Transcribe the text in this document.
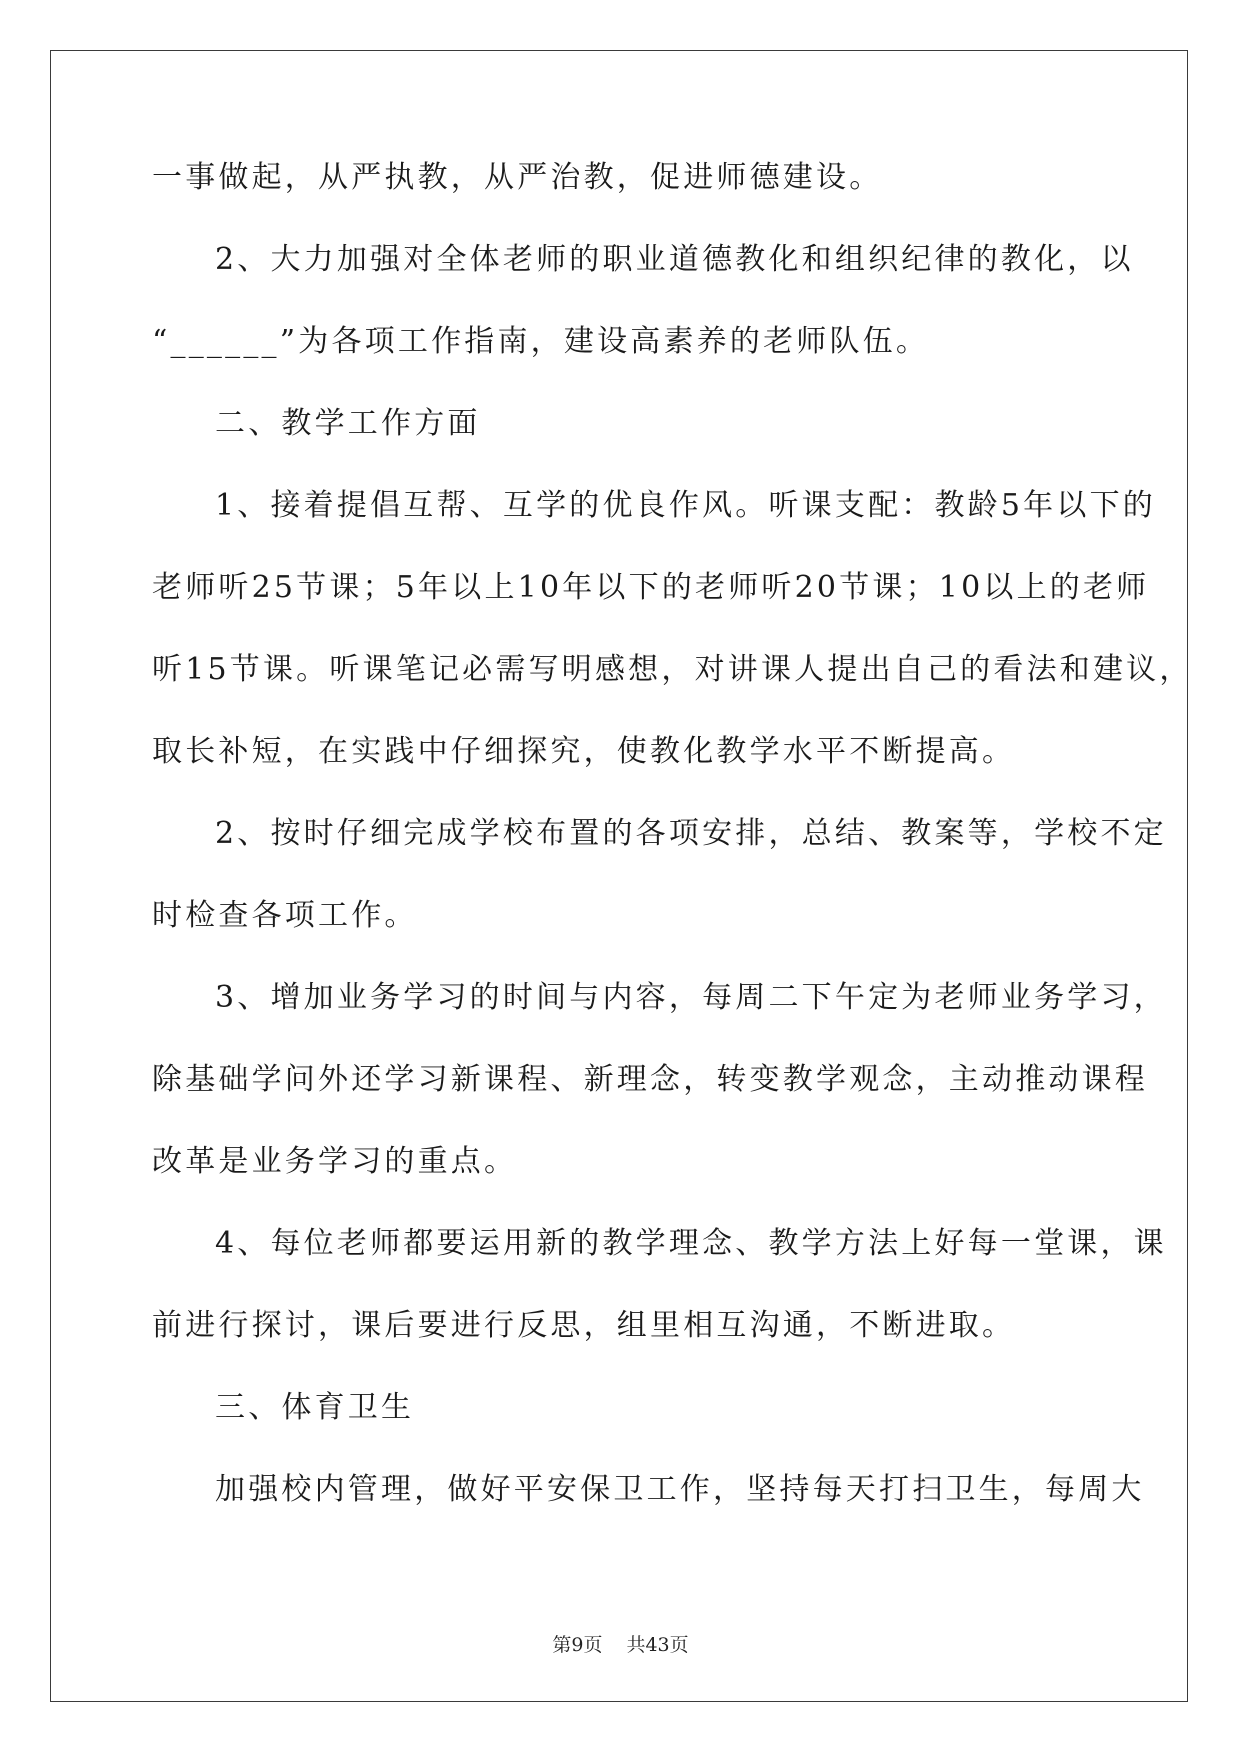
一事做起，从严执教，从严治教，促进师德建设。
2、大力加强对全体老师的职业道德教化和组织纪律的教化，以
“______”为各项工作指南，建设高素养的老师队伍。
二、教学工作方面
1、接着提倡互帮、互学的优良作风。听课支配：教龄5年以下的
老师听25节课；5年以上10年以下的老师听20节课；10以上的老师
听15节课。听课笔记必需写明感想，对讲课人提出自己的看法和建议，
取长补短，在实践中仔细探究，使教化教学水平不断提高。
2、按时仔细完成学校布置的各项安排，总结、教案等，学校不定
时检查各项工作。
3、增加业务学习的时间与内容，每周二下午定为老师业务学习，
除基础学问外还学习新课程、新理念，转变教学观念，主动推动课程
改革是业务学习的重点。
4、每位老师都要运用新的教学理念、教学方法上好每一堂课，课
前进行探讨，课后要进行反思，组里相互沟通，不断进取。
三、体育卫生
加强校内管理，做好平安保卫工作，坚持每天打扫卫生，每周大
第9页 共43页
